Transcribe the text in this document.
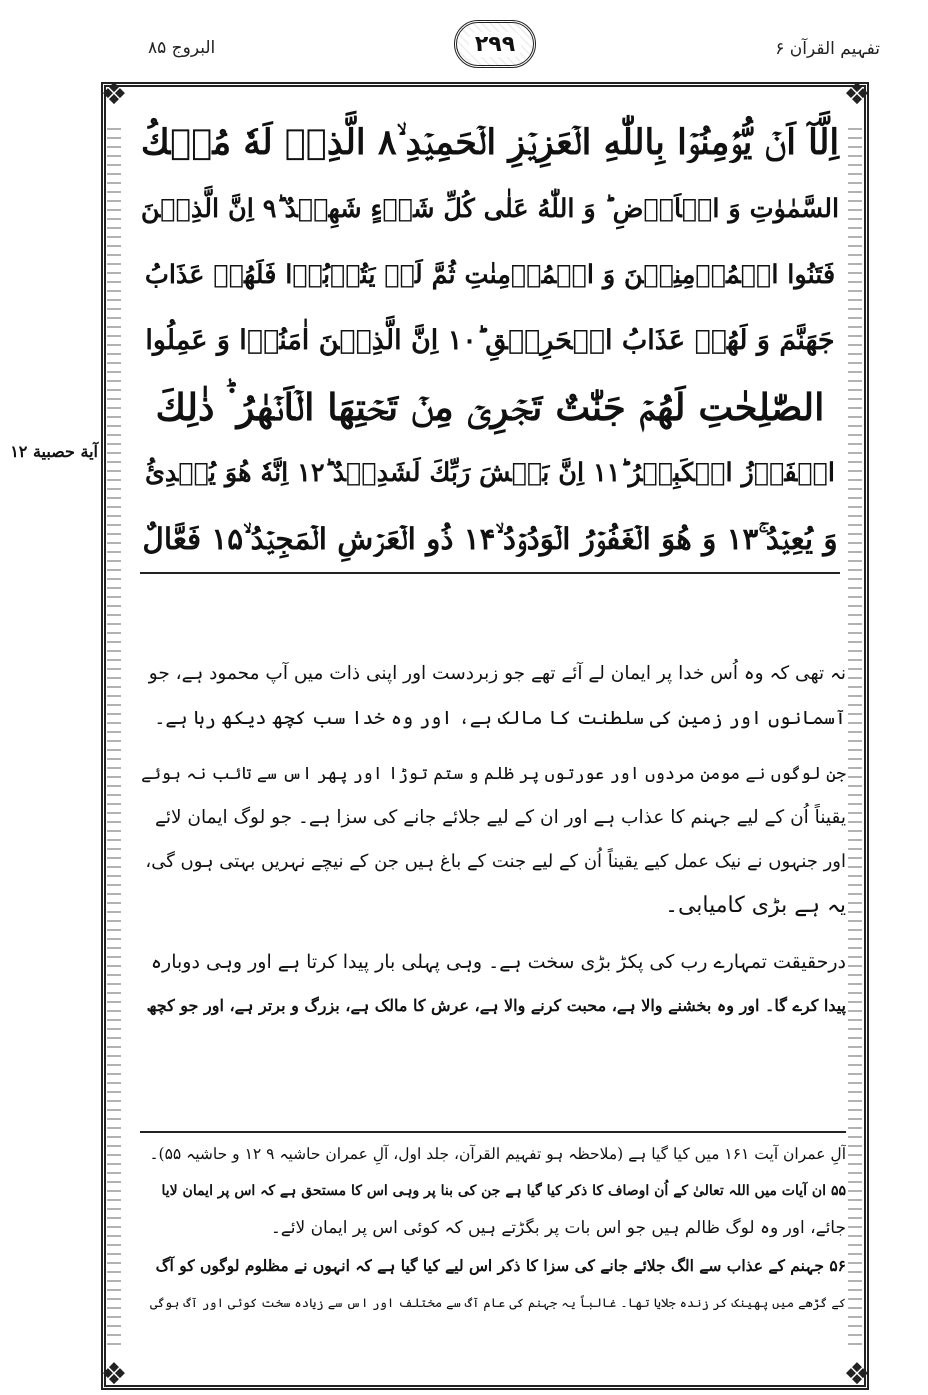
البروج ۸۵	۲۹۹	تفہیم القرآن ۶
❖	❖
❖	❖
آیة حصبیة ۱۲
اِلَّآ اَنۡ یُّؤۡمِنُوۡا بِاللّٰهِ الۡعَزِیۡزِ الۡحَمِیۡدِ ۙ۸ الَّذِیۡ لَهٗ مُلۡكُ
السَّمٰوٰتِ وَ الۡاَرۡضِ ؕ وَ اللّٰهُ عَلٰی كُلِّ شَیۡءٍ شَهِیۡدٌ ؕ۹ اِنَّ الَّذِیۡنَ
فَتَنُوا الۡمُؤۡمِنِیۡنَ وَ الۡمُؤۡمِنٰتِ ثُمَّ لَمۡ یَتُوۡبُوۡا فَلَهُمۡ عَذَابُ
جَهَنَّمَ وَ لَهُمۡ عَذَابُ الۡحَرِیۡقِ ؕ۱۰ اِنَّ الَّذِیۡنَ اٰمَنُوۡا وَ عَمِلُوا
الصّٰلِحٰتِ لَهُمۡ جَنّٰتٌ تَجۡرِیۡ مِنۡ تَحۡتِهَا الۡاَنۡهٰرُ ۬ؕ ذٰلِكَ
الۡفَوۡزُ الۡكَبِیۡرُ ؕ۱۱ اِنَّ بَطۡشَ رَبِّكَ لَشَدِیۡدٌ ؕ۱۲ اِنَّهٗ هُوَ یُبۡدِئُ
وَ یُعِیۡدُ ۚ۱۳ وَ هُوَ الۡغَفُوۡرُ الۡوَدُوۡدُ ۙ۱۴ ذُو الۡعَرۡشِ الۡمَجِیۡدُ ۙ۱۵ فَعَّالٌ
نہ تھی کہ وہ اُس خدا پر ایمان لے آئے تھے جو زبردست اور اپنی ذات میں آپ محمود ہے، جو
آسمانوں اور زمین کی سلطنت کا مالک ہے، اور وہ خدا سب کچھ دیکھ رہا ہے۔
جن لوگوں نے مومن مردوں اور عورتوں پر ظلم و ستم توڑا اور پھر اس سے تائب نہ ہوئے
یقیناً اُن کے لیے جہنم کا عذاب ہے اور ان کے لیے جلائے جانے کی سزا ہے۔ جو لوگ ایمان لائے
اور جنہوں نے نیک عمل کیے یقیناً اُن کے لیے جنت کے باغ ہیں جن کے نیچے نہریں بہتی ہوں گی،
یہ ہے بڑی کامیابی۔
درحقیقت تمہارے رب کی پکڑ بڑی سخت ہے۔ وہی پہلی بار پیدا کرتا ہے اور وہی دوبارہ
پیدا کرے گا۔ اور وہ بخشنے والا ہے، محبت کرنے والا ہے، عرش کا مالک ہے، بزرگ و برتر ہے، اور جو کچھ
آلِ عمران آیت ۱۶۱ میں کیا گیا ہے (ملاحظہ ہو تفہیم القرآن، جلد اول، آلِ عمران حاشیہ ۹ ۱۲ و حاشیہ ۵۵)۔
۵۵ ان آیات میں اللہ تعالیٰ کے اُن اوصاف کا ذکر کیا گیا ہے جن کی بنا پر وہی اس کا مستحق ہے کہ اس پر ایمان لایا
جائے، اور وہ لوگ ظالم ہیں جو اس بات پر بگڑتے ہیں کہ کوئی اس پر ایمان لائے۔
۵۶ جہنم کے عذاب سے الگ جلائے جانے کی سزا کا ذکر اس لیے کیا گیا ہے کہ انہوں نے مظلوم لوگوں کو آگ
کے گڑھے میں پھینک کر زندہ جلایا تھا۔ غالباً یہ جہنم کی عام آگ سے مختلف اور اس سے زیادہ سخت کوئی اور آگ ہوگی
